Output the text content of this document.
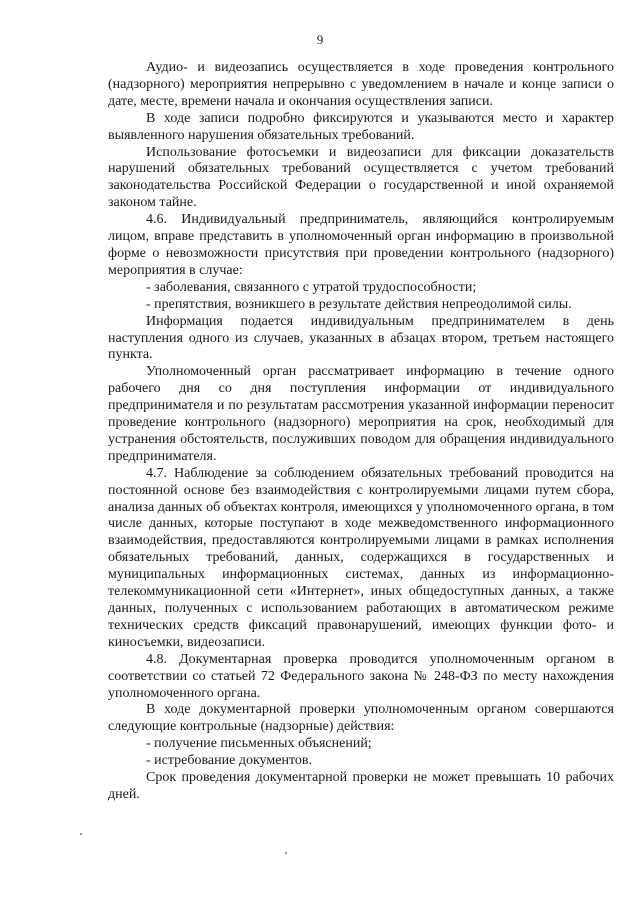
9

Аудио- и видеозапись осуществляется в ходе проведения контрольного (надзорного) мероприятия непрерывно с уведомлением в начале и конце записи о дате, месте, времени начала и окончания осуществления записи.

В ходе записи подробно фиксируются и указываются место и характер выявленного нарушения обязательных требований.

Использование фотосъемки и видеозаписи для фиксации доказательств нарушений обязательных требований осуществляется с учетом требований законодательства Российской Федерации о государственной и иной охраняемой законом тайне.

4.6. Индивидуальный предприниматель, являющийся контролируемым лицом, вправе представить в уполномоченный орган информацию в произвольной форме о невозможности присутствия при проведении контрольного (надзорного) мероприятия в случае:

- заболевания, связанного с утратой трудоспособности;

- препятствия, возникшего в результате действия непреодолимой силы.

Информация подается индивидуальным предпринимателем в день наступления одного из случаев, указанных в абзацах втором, третьем настоящего пункта.

Уполномоченный орган рассматривает информацию в течение одного рабочего дня со дня поступления информации от индивидуального предпринимателя и по результатам рассмотрения указанной информации переносит проведение контрольного (надзорного) мероприятия на срок, необходимый для устранения обстоятельств, послуживших поводом для обращения индивидуального предпринимателя.

4.7. Наблюдение за соблюдением обязательных требований проводится на постоянной основе без взаимодействия с контролируемыми лицами путем сбора, анализа данных об объектах контроля, имеющихся у уполномоченного органа, в том числе данных, которые поступают в ходе межведомственного информационного взаимодействия, предоставляются контролируемыми лицами в рамках исполнения обязательных требований, данных, содержащихся в государственных и муниципальных информационных системах, данных из информационно-телекоммуникационной сети «Интернет», иных общедоступных данных, а также данных, полученных с использованием работающих в автоматическом режиме технических средств фиксаций правонарушений, имеющих функции фото- и киносъемки, видеозаписи.

4.8. Документарная проверка проводится уполномоченным органом в соответствии со статьей 72 Федерального закона № 248-ФЗ по месту нахождения уполномоченного органа.

В ходе документарной проверки уполномоченным органом совершаются следующие контрольные (надзорные) действия:

- получение письменных объяснений;

- истребование документов.

Срок проведения документарной проверки не может превышать 10 рабочих дней.
